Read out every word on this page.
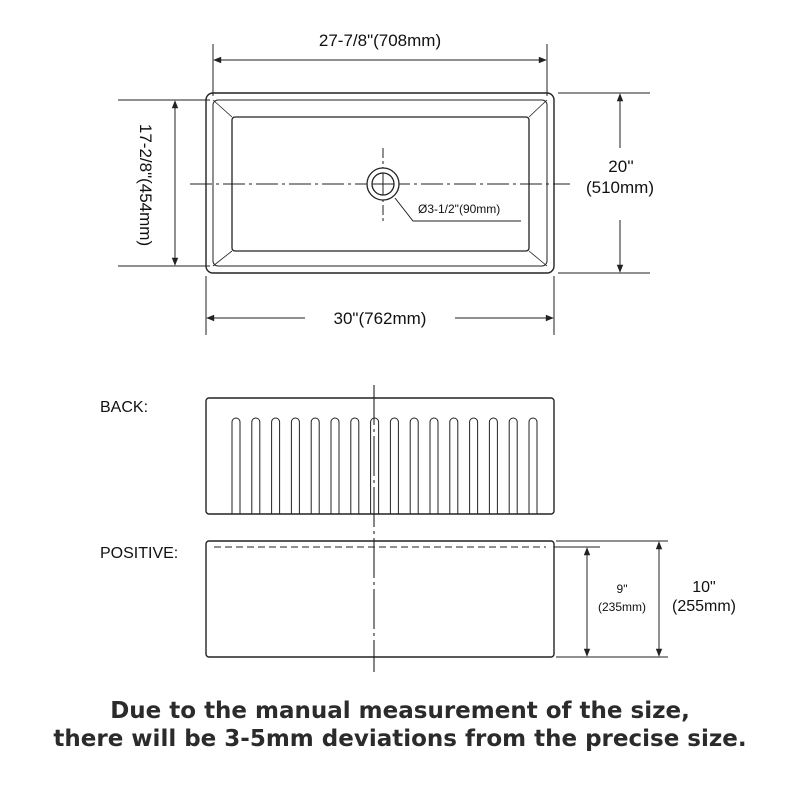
27-7/8"(708mm)
17-2/8"(454mm)
30"(762mm)
20''
(510mm)
Ø3-1/2"(90mm)
BACK:
POSITIVE:
9"
(235mm)
10"
(255mm)
Due to the manual measurement of the size,
there will be 3-5mm deviations from the precise size.
